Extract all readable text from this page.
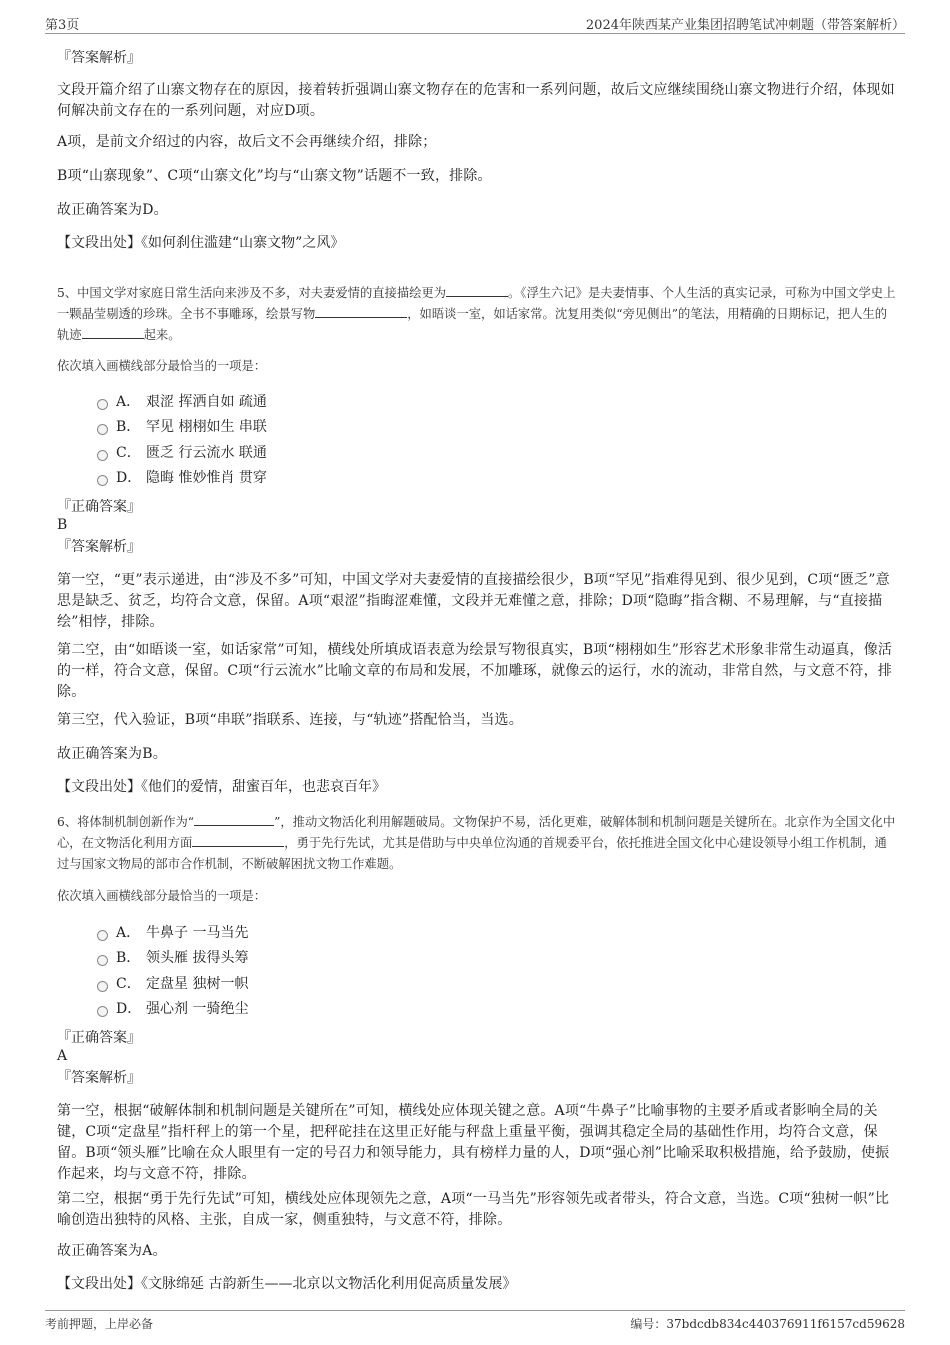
第3页	2024年陕西某产业集团招聘笔试冲刺题（带答案解析）
『答案解析』
文段开篇介绍了山寨文物存在的原因，接着转折强调山寨文物存在的危害和一系列问题，故后文应继续围绕山寨文物进行介绍，体现如何解决前文存在的一系列问题，对应D项。
A项，是前文介绍过的内容，故后文不会再继续介绍，排除；
B项“山寨现象”、C项“山寨文化”均与“山寨文物”话题不一致，排除。
故正确答案为D。
【文段出处】《如何刹住滥建“山寨文物”之风》
5、中国文学对家庭日常生活向来涉及不多，对夫妻爱情的直接描绘更为	。《浮生六记》是夫妻情事、个人生活的真实记录，可称为中国文学史上一颗晶莹剔透的珍珠。全书不事雕琢，绘景写物	，如晤谈一室，如话家常。沈复用类似“旁见侧出”的笔法，用精确的日期标记，把人生的轨迹	起来。
依次填入画横线部分最恰当的一项是：
A． 艰涩 挥洒自如 疏通
B． 罕见 栩栩如生 串联
C． 匮乏 行云流水 联通
D． 隐晦 惟妙惟肖 贯穿
『正确答案』
B
『答案解析』
第一空，“更”表示递进，由“涉及不多”可知，中国文学对夫妻爱情的直接描绘很少，B项“罕见”指难得见到、很少见到，C项“匮乏”意思是缺乏、贫乏，均符合文意，保留。A项“艰涩”指晦涩难懂，文段并无难懂之意，排除；D项“隐晦”指含糊、不易理解，与“直接描绘”相悖，排除。
第二空，由“如晤谈一室，如话家常”可知，横线处所填成语表意为绘景写物很真实，B项“栩栩如生”形容艺术形象非常生动逼真，像活的一样，符合文意，保留。C项“行云流水”比喻文章的布局和发展，不加雕琢，就像云的运行，水的流动，非常自然，与文意不符，排除。
第三空，代入验证，B项“串联”指联系、连接，与“轨迹”搭配恰当，当选。
故正确答案为B。
【文段出处】《他们的爱情，甜蜜百年，也悲哀百年》
6、将体制机制创新作为“	”，推动文物活化利用解题破局。文物保护不易，活化更难，破解体制和机制问题是关键所在。北京作为全国文化中心，在文物活化利用方面	，勇于先行先试，尤其是借助与中央单位沟通的首规委平台，依托推进全国文化中心建设领导小组工作机制，通过与国家文物局的部市合作机制，不断破解困扰文物工作难题。
依次填入画横线部分最恰当的一项是：
A． 牛鼻子 一马当先
B． 领头雁 拔得头筹
C． 定盘星 独树一帜
D． 强心剂 一骑绝尘
『正确答案』
A
『答案解析』
第一空，根据“破解体制和机制问题是关键所在”可知，横线处应体现关键之意。A项“牛鼻子”比喻事物的主要矛盾或者影响全局的关键，C项“定盘星”指杆秤上的第一个星，把秤砣挂在这里正好能与秤盘上重量平衡，强调其稳定全局的基础性作用，均符合文意，保留。B项“领头雁”比喻在众人眼里有一定的号召力和领导能力，具有榜样力量的人，D项“强心剂”比喻采取积极措施，给予鼓励，使振作起来，均与文意不符，排除。
第二空，根据“勇于先行先试”可知，横线处应体现领先之意，A项“一马当先”形容领先或者带头，符合文意，当选。C项“独树一帜”比喻创造出独特的风格、主张，自成一家，侧重独特，与文意不符，排除。
故正确答案为A。
【文段出处】《文脉绵延 古韵新生——北京以文物活化利用促高质量发展》
考前押题，上岸必备	编号：37bdcdb834c440376911f6157cd59628
